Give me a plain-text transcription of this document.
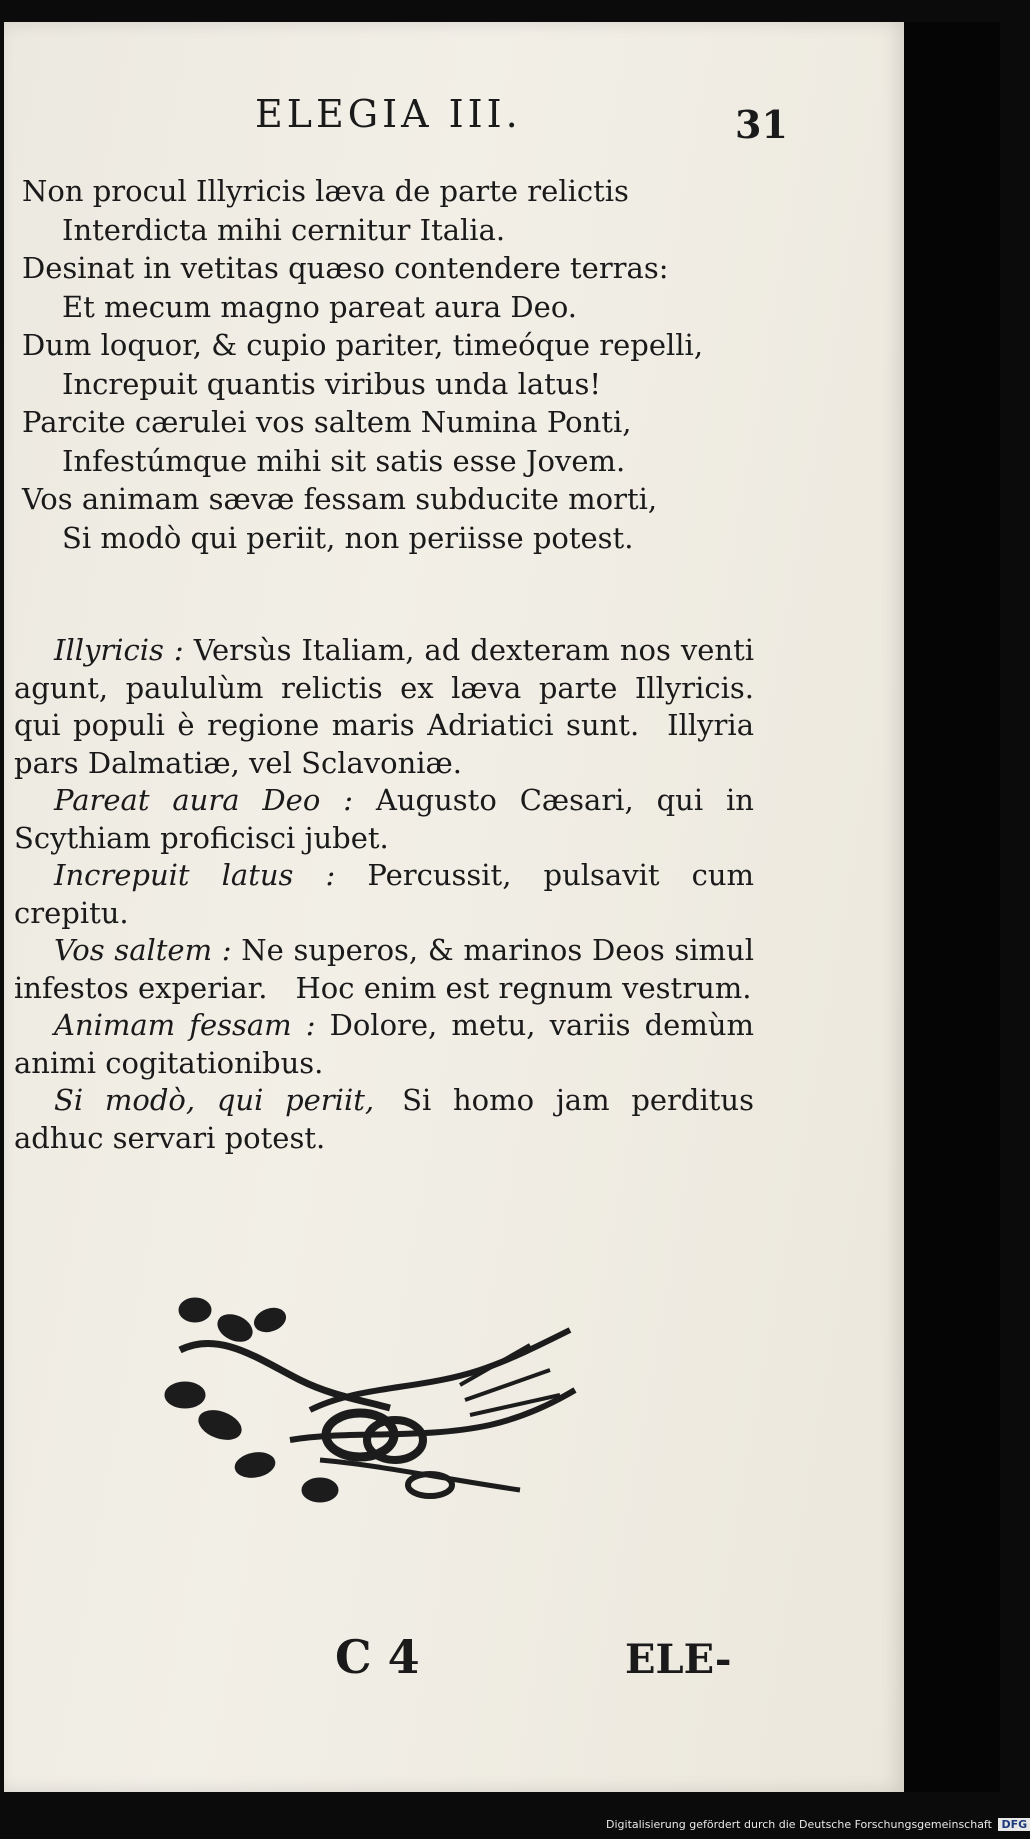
ELEGIA III.	31
Non procul Illyricis læva de parte relictis
Interdicta mihi cernitur Italia.
Desinat in vetitas quæso contendere terras:
Et mecum magno pareat aura Deo.
Dum loquor, & cupio pariter, timeóque repelli,
Increpuit quantis viribus unda latus!
Parcite cærulei vos saltem Numina Ponti,
Infestúmque mihi sit satis esse Jovem.
Vos animam sævæ fessam subducite morti,
Si modò qui periit, non periisse potest.

Illyricis : Versùs Italiam, ad dexteram nos venti agunt, paululùm relictis ex læva parte Illyricis. qui populi è regione maris Adriatici sunt. Illyria pars Dalmatiæ, vel Sclavoniæ.

Pareat aura Deo : Augusto Cæsari, qui in Scythiam proficisci jubet.

Increpuit latus : Percussit, pulsavit cum crepitu.

Vos saltem : Ne superos, & marinos Deos simul infestos experiar. Hoc enim est regnum vestrum.

Animam fessam : Dolore, metu, variis demùm animi cogitationibus.

Si modò, qui periit, Si homo jam perditus adhuc servari potest.

C 4	ELE-
Digitalisierung gefördert durch die Deutsche Forschungsgemeinschaft DFG
